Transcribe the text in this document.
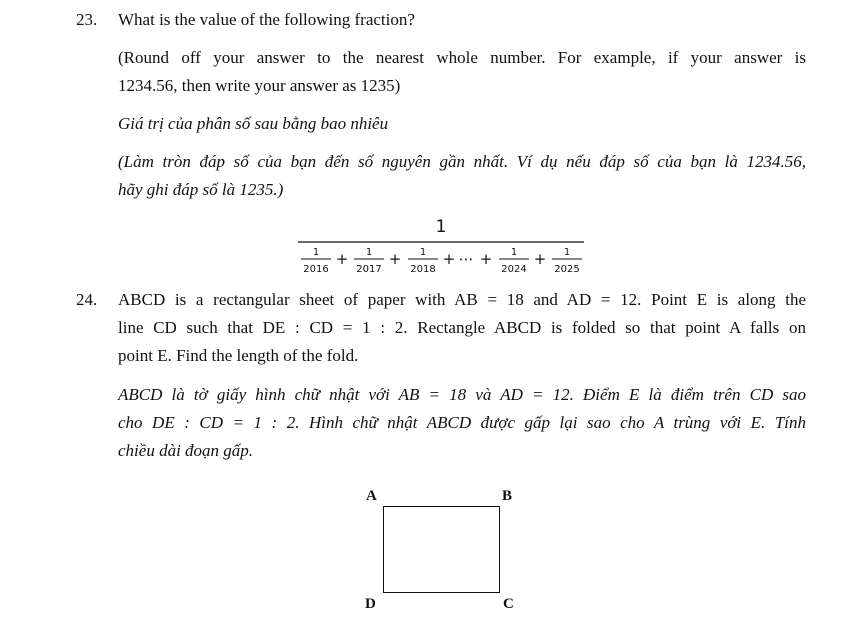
23. What is the value of the following fraction?
(Round off your answer to the nearest whole number. For example, if your answer is
1234.56, then write your answer as 1235)
Giá trị của phân số sau bằng bao nhiêu
(Làm tròn đáp số của bạn đến số nguyên gần nhất. Ví dụ nếu đáp số của bạn là 1234.56,
hãy ghi đáp số là 1235.)
1
1
2016
+ 1
2017
+ 1
2018
+ ⋯ + 1
2024
+ 1
2025
24. ABCD is a rectangular sheet of paper with AB = 18 and AD = 12. Point E is along the
line CD such that DE : CD = 1 : 2. Rectangle ABCD is folded so that point A falls on
point E. Find the length of the fold.
ABCD là tờ giấy hình chữ nhật với AB = 18 và AD = 12. Điểm E là điểm trên CD sao
cho DE : CD = 1 : 2. Hình chữ nhật ABCD được gấp lại sao cho A trùng với E. Tính
chiều dài đoạn gấp.
A	B
C
D
